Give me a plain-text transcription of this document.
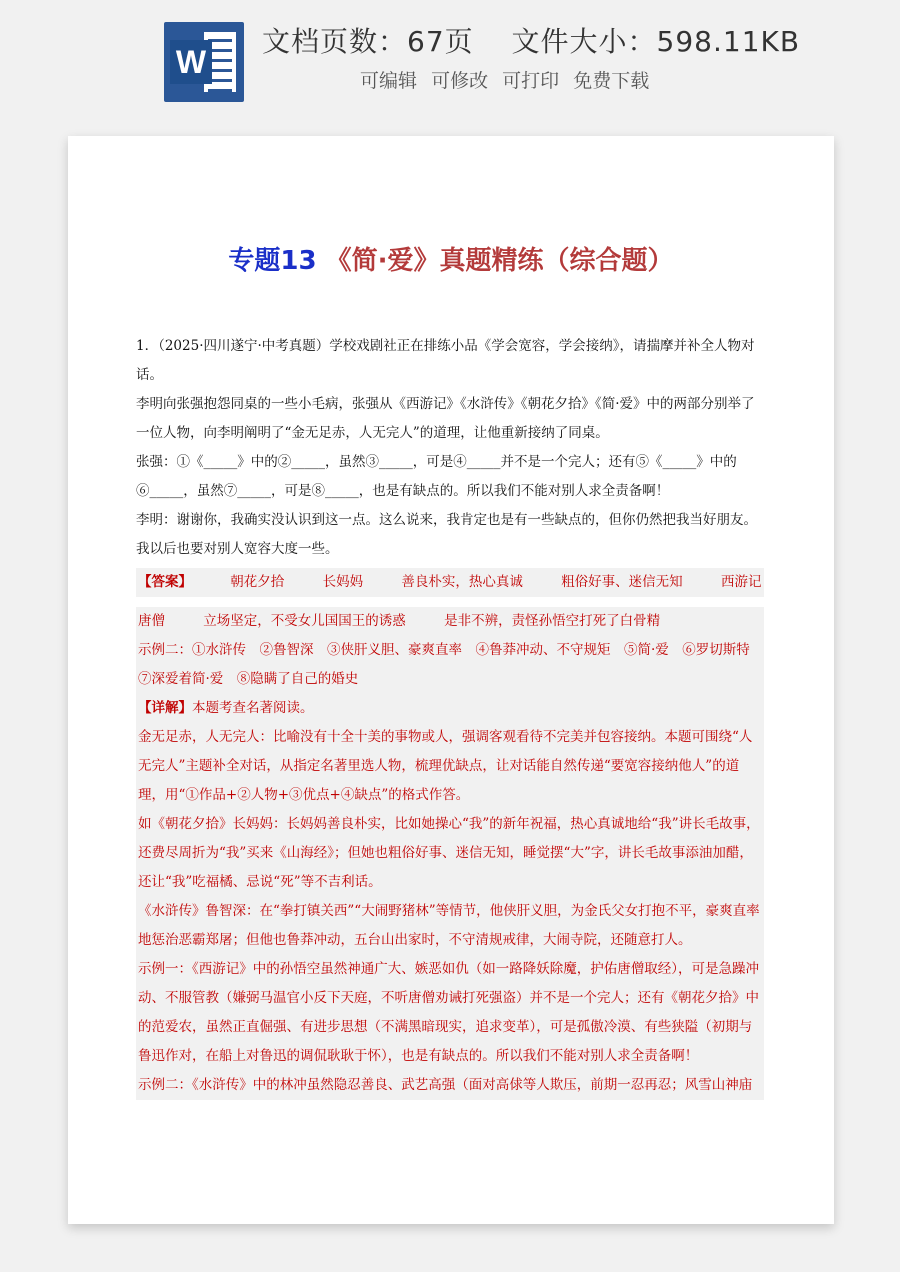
W
文档页数：67页 文件大小：598.11KB
可编辑 可修改 可打印 免费下载
专题13 《简·爱》真题精练（综合题）

1．（2025·四川遂宁·中考真题）学校戏剧社正在排练小品《学会宽容，学会接纳》，请揣摩并补全人物对话。

李明向张强抱怨同桌的一些小毛病，张强从《西游记》《水浒传》《朝花夕拾》《简·爱》中的两部分别举了一位人物，向李明阐明了“金无足赤，人无完人”的道理，让他重新接纳了同桌。

张强：①《_____》中的②_____，虽然③_____，可是④_____并不是一个完人；还有⑤《_____》中的⑥_____，虽然⑦_____，可是⑧_____，也是有缺点的。所以我们不能对别人求全责备啊！

李明：谢谢你，我确实没认识到这一点。这么说来，我肯定也是有一些缺点的，但你仍然把我当好朋友。我以后也要对别人宽容大度一些。

【答案】	朝花夕拾	长妈妈	善良朴实，热心真诚	粗俗好事、迷信无知	西游记

唐僧	立场坚定，不受女儿国国王的诱惑	是非不辨，责怪孙悟空打死了白骨精

示例二：①水浒传　②鲁智深　③侠肝义胆、豪爽直率　④鲁莽冲动、不守规矩　⑤简·爱　⑥罗切斯特　⑦深爱着简·爱　⑧隐瞒了自己的婚史

【详解】本题考查名著阅读。

金无足赤，人无完人：比喻没有十全十美的事物或人，强调客观看待不完美并包容接纳。本题可围绕“人无完人”主题补全对话，从指定名著里选人物，梳理优缺点，让对话能自然传递“要宽容接纳他人”的道理，用“①作品+②人物+③优点+④缺点”的格式作答。

如《朝花夕拾》长妈妈：长妈妈善良朴实，比如她操心“我”的新年祝福，热心真诚地给“我”讲长毛故事，还费尽周折为“我”买来《山海经》；但她也粗俗好事、迷信无知，睡觉摆“大”字，讲长毛故事添油加醋，还让“我”吃福橘、忌说“死”等不吉利话。

《水浒传》鲁智深：在“拳打镇关西”“大闹野猪林”等情节，他侠肝义胆，为金氏父女打抱不平，豪爽直率地惩治恶霸郑屠；但他也鲁莽冲动，五台山出家时，不守清规戒律，大闹寺院，还随意打人。

示例一：《西游记》中的孙悟空虽然神通广大、嫉恶如仇（如一路降妖除魔，护佑唐僧取经），可是急躁冲动、不服管教（嫌弼马温官小反下天庭，不听唐僧劝诫打死强盗）并不是一个完人；还有《朝花夕拾》中的范爱农，虽然正直倔强、有进步思想（不满黑暗现实，追求变革），可是孤傲冷漠、有些狭隘（初期与鲁迅作对，在船上对鲁迅的调侃耿耿于怀），也是有缺点的。所以我们不能对别人求全责备啊！

示例二：《水浒传》中的林冲虽然隐忍善良、武艺高强（面对高俅等人欺压，前期一忍再忍；风雪山神庙
